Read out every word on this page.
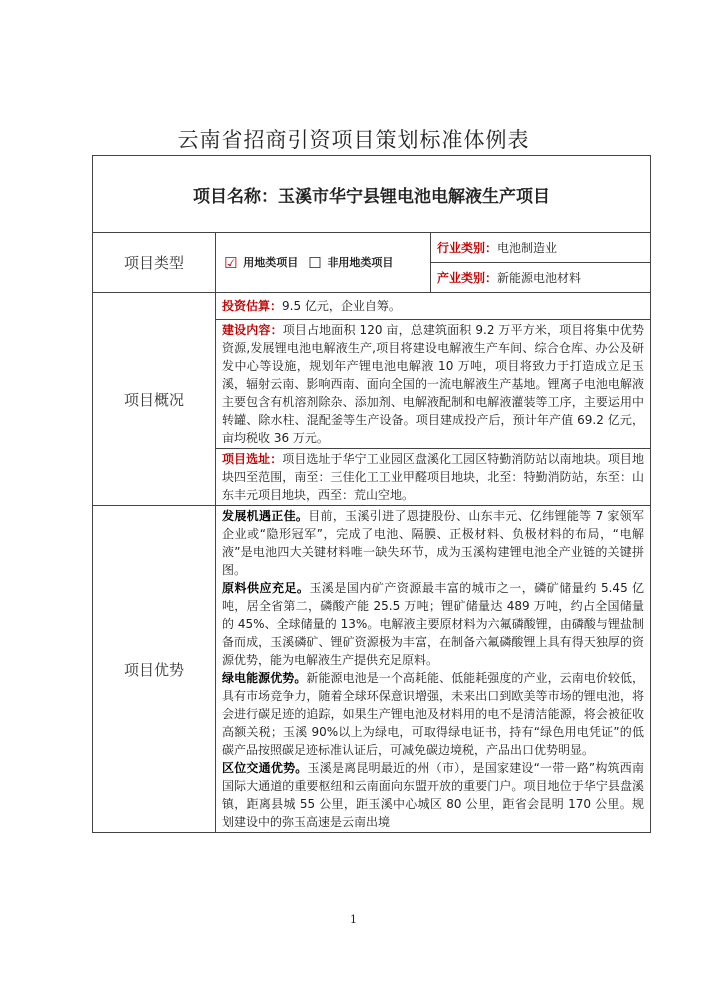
云南省招商引资项目策划标准体例表
项目名称：玉溪市华宁县锂电池电解液生产项目		
项目类型	☑ 用地类项目 ☐ 非用地类项目	行业类别：电池制造业
		产业类别：新能源电池材料
项目概况	投资估算：9.5 亿元，企业自筹。	
	建设内容：项目占地面积 120 亩，总建筑面积 9.2 万平方米，项目将集中优势资源,发展锂电池电解液生产,项目将建设电解液生产车间、综合仓库、办公及研发中心等设施，规划年产锂电池电解液 10 万吨，项目将致力于打造成立足玉溪，辐射云南、影响西南、面向全国的一流电解液生产基地。锂离子电池电解液主要包含有机溶剂除杂、添加剂、电解液配制和电解液灌装等工序，主要运用中转罐、除水柱、混配釜等生产设备。项目建成投产后，预计年产值 69.2 亿元，亩均税收 36 万元。	
	项目选址：项目选址于华宁工业园区盘溪化工园区特勤消防站以南地块。项目地块四至范围，南至：三佳化工工业甲醛项目地块，北至：特勤消防站，东至：山东丰元项目地块，西至：荒山空地。	
项目优势	发展机遇正佳。目前，玉溪引进了恩捷股份、山东丰元、亿纬锂能等 7 家领军企业或“隐形冠军”，完成了电池、隔膜、正极材料、负极材料的布局，“电解液”是电池四大关键材料唯一缺失环节，成为玉溪构建锂电池全产业链的关键拼图。
原料供应充足。玉溪是国内矿产资源最丰富的城市之一，磷矿储量约 5.45 亿吨，居全省第二，磷酸产能 25.5 万吨；锂矿储量达 489 万吨，约占全国储量的 45%、全球储量的 13%。电解液主要原材料为六氟磷酸锂，由磷酸与锂盐制备而成，玉溪磷矿、锂矿资源极为丰富，在制备六氟磷酸锂上具有得天独厚的资源优势，能为电解液生产提供充足原料。
绿电能源优势。新能源电池是一个高耗能、低能耗强度的产业，云南电价较低，具有市场竞争力，随着全球环保意识增强，未来出口到欧美等市场的锂电池，将会进行碳足迹的追踪，如果生产锂电池及材料用的电不是清洁能源，将会被征收高额关税；玉溪 90%以上为绿电，可取得绿电证书，持有“绿色用电凭证”的低碳产品按照碳足迹标准认证后，可减免碳边境税，产品出口优势明显。
区位交通优势。玉溪是离昆明最近的州（市），是国家建设“一带一路”构筑西南国际大通道的重要枢纽和云南面向东盟开放的重要门户。项目地位于华宁县盘溪镇，距离县城 55 公里，距玉溪中心城区 80 公里，距省会昆明 170 公里。规划建设中的弥玉高速是云南出境	
1
